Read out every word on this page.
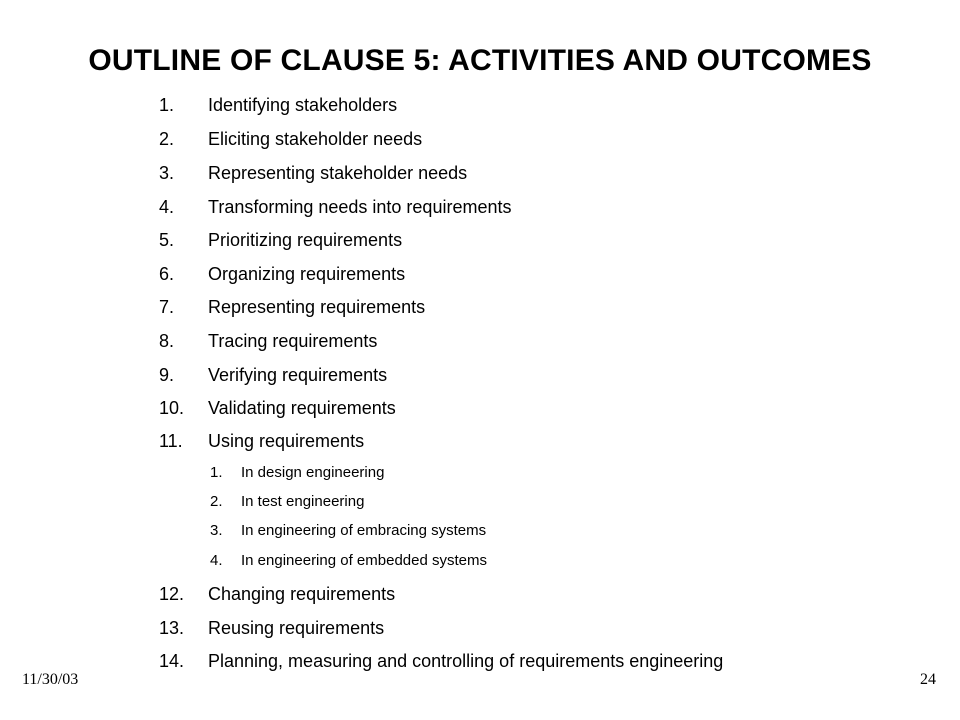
OUTLINE OF CLAUSE 5: ACTIVITIES AND OUTCOMES
1. Identifying stakeholders
2. Eliciting stakeholder needs
3. Representing stakeholder needs
4. Transforming needs into requirements
5. Prioritizing requirements
6. Organizing requirements
7. Representing requirements
8. Tracing requirements
9. Verifying requirements
10. Validating requirements
11. Using requirements
1. In design engineering
2. In test engineering
3. In engineering of embracing systems
4. In engineering of embedded systems
12. Changing requirements
13. Reusing requirements
14. Planning, measuring and controlling of requirements engineering
11/30/03	24
